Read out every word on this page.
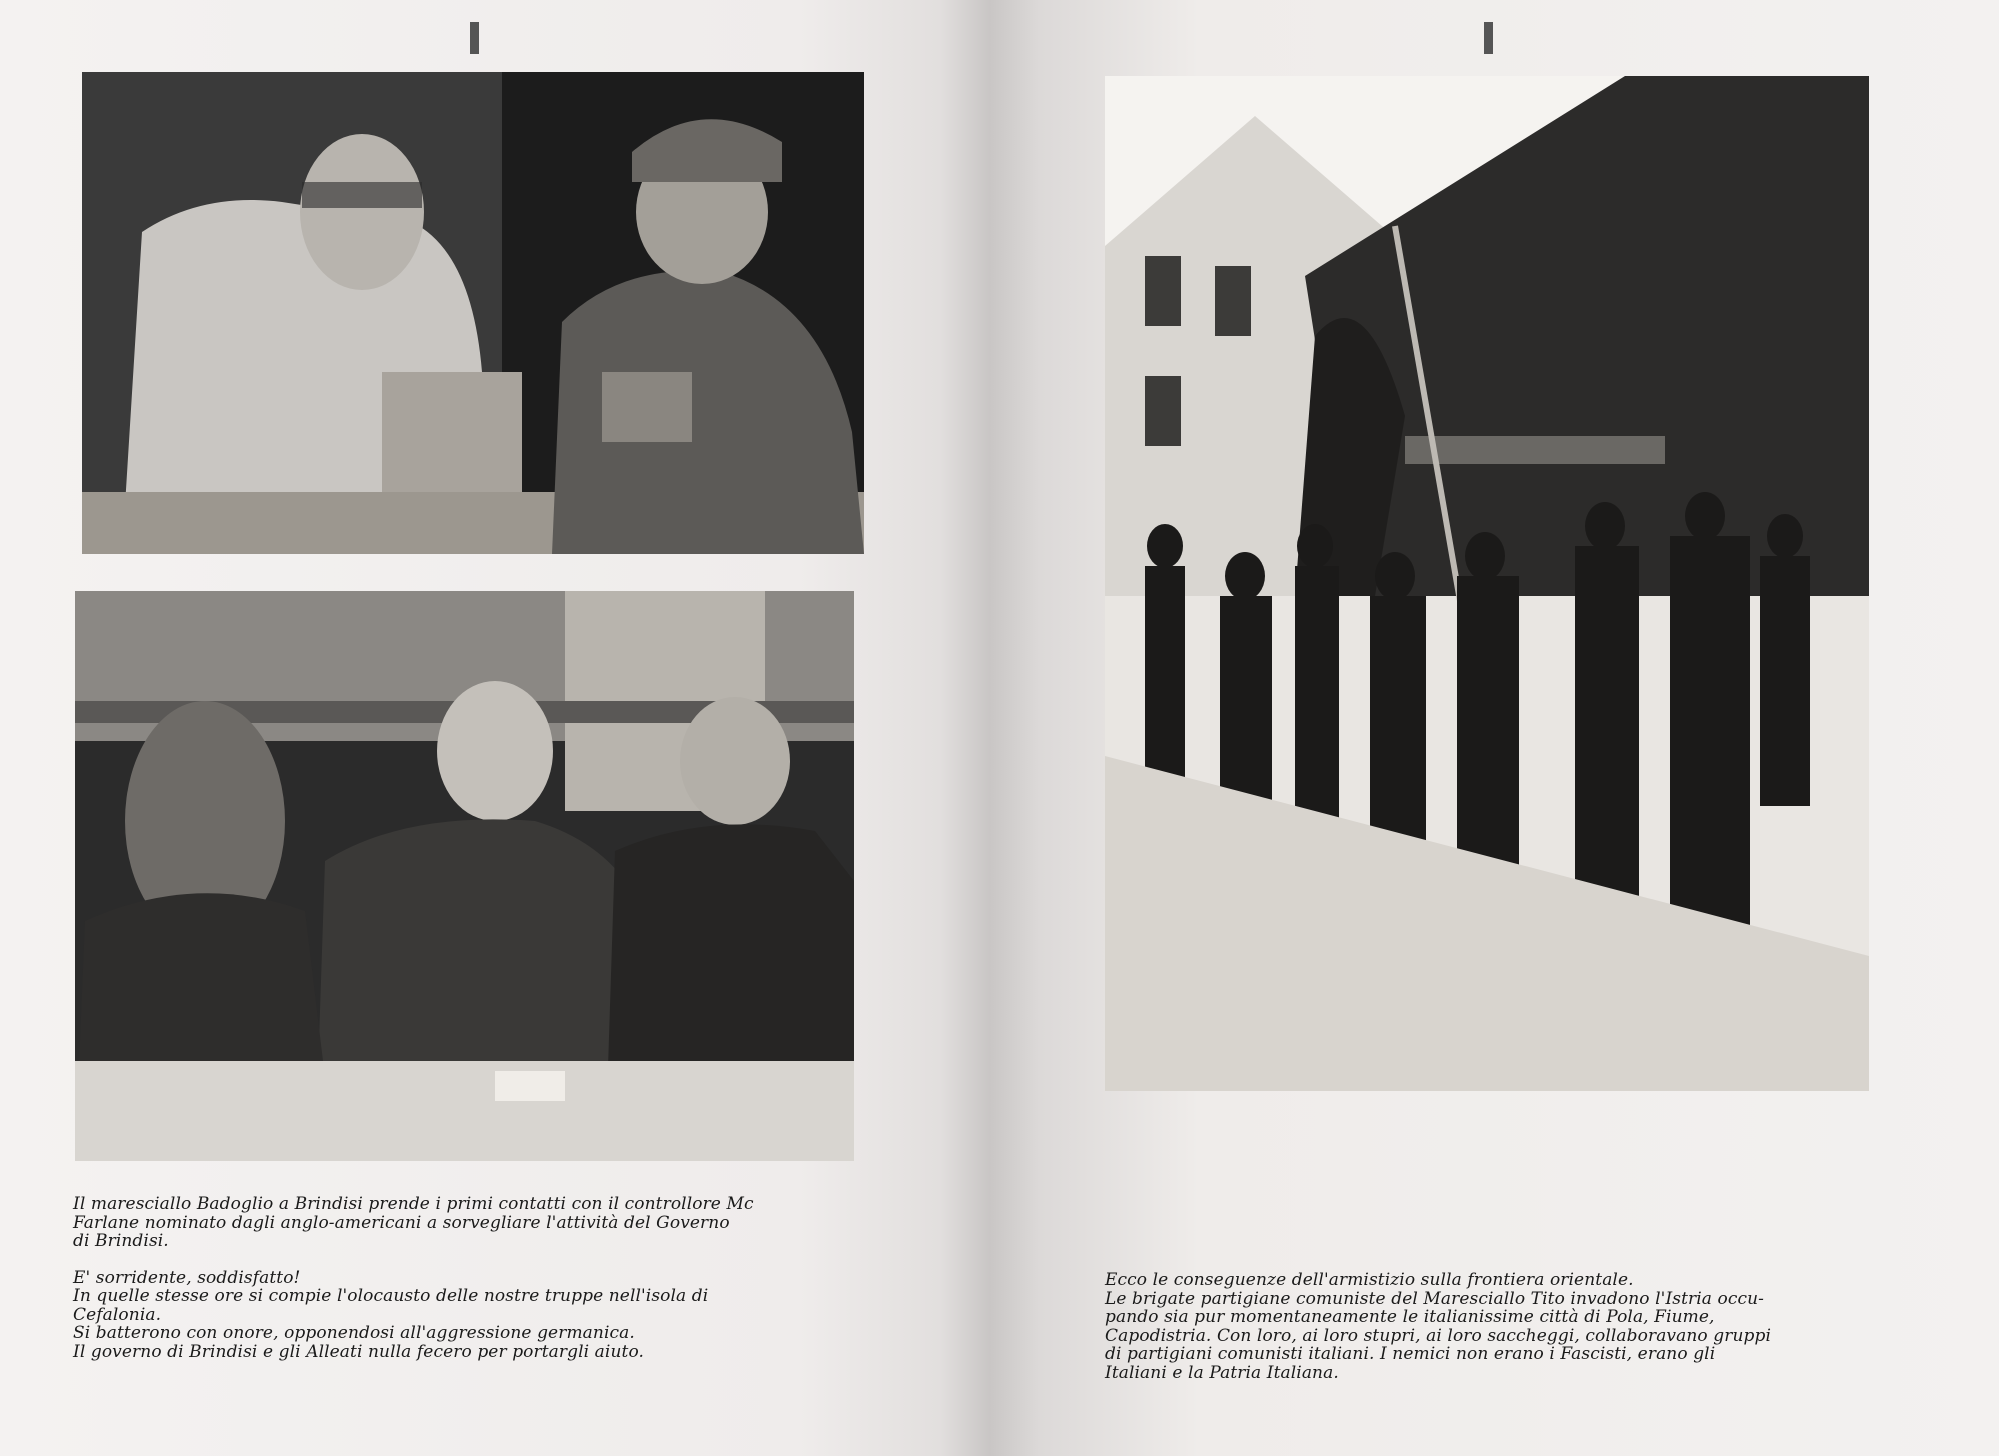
Il maresciallo Badoglio a Brindisi prende i primi contatti con il controllore Mc

Farlane nominato dagli anglo-americani a sorvegliare l'attività del Governo

di Brindisi.

E' sorridente, soddisfatto!

In quelle stesse ore si compie l'olocausto delle nostre truppe nell'isola di

Cefalonia.

Si batterono con onore, opponendosi all'aggressione germanica.

Il governo di Brindisi e gli Alleati nulla fecero per portargli aiuto.

Ecco le conseguenze dell'armistizio sulla frontiera orientale.

Le brigate partigiane comuniste del Maresciallo Tito invadono l'Istria occu-

pando sia pur momentaneamente le italianissime città di Pola, Fiume,

Capodistria. Con loro, ai loro stupri, ai loro saccheggi, collaboravano gruppi

di partigiani comunisti italiani. I nemici non erano i Fascisti, erano gli

Italiani e la Patria Italiana.
